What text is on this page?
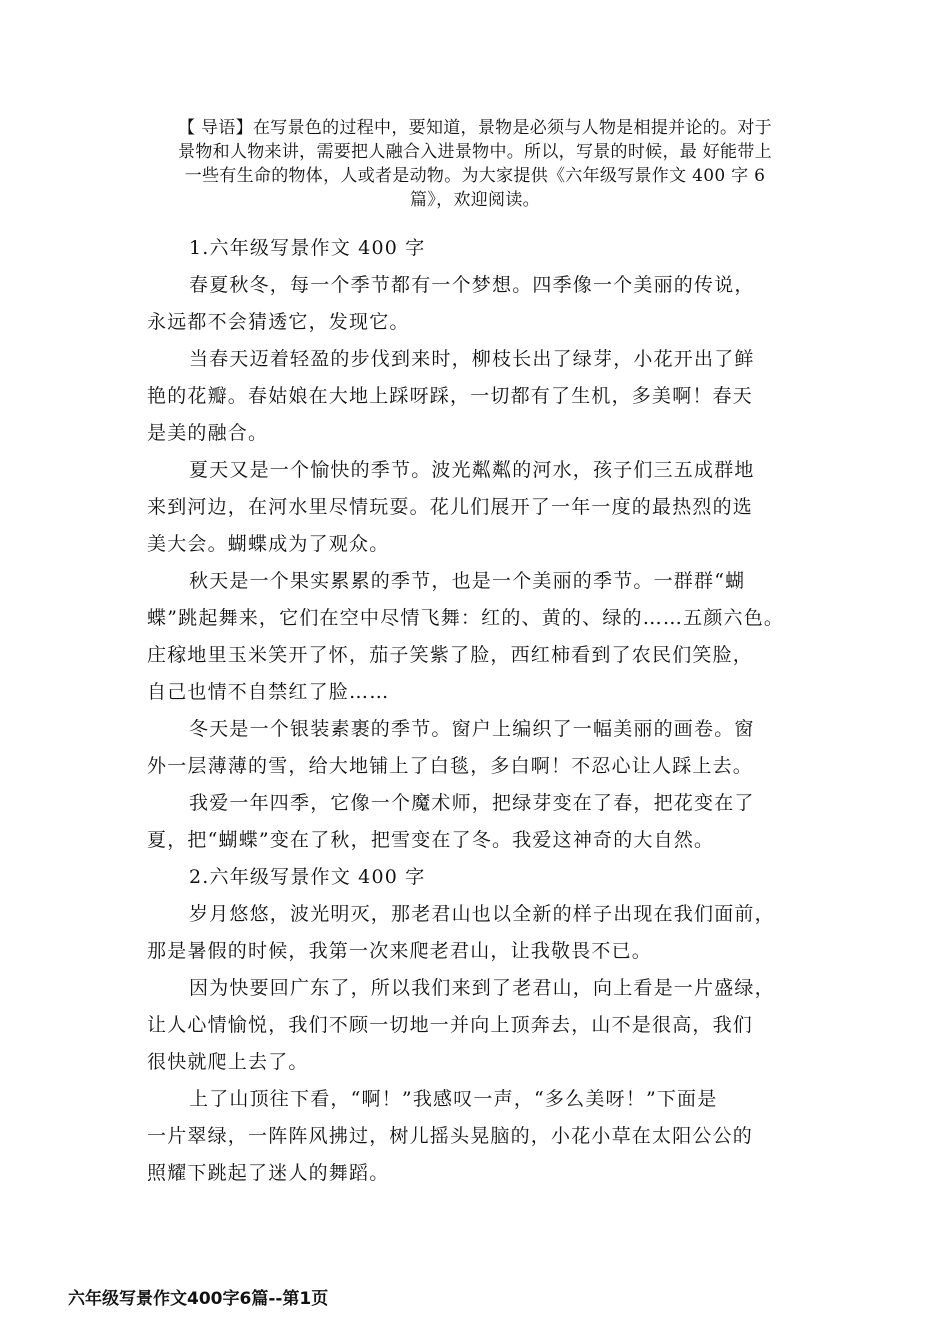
【 导语】在写景色的过程中，要知道，景物是必须与人物是相提并论的。对于
景物和人物来讲，需要把人融合入进景物中。所以，写景的时候，最 好能带上
一些有生命的物体，人或者是动物。为大家提供《六年级写景作文 400 字 6
篇》，欢迎阅读。
1.六年级写景作文 400 字
春夏秋冬，每一个季节都有一个梦想。四季像一个美丽的传说，
永远都不会猜透它，发现它。
当春天迈着轻盈的步伐到来时，柳枝长出了绿芽，小花开出了鲜
艳的花瓣。春姑娘在大地上踩呀踩，一切都有了生机，多美啊！春天
是美的融合。
夏天又是一个愉快的季节。波光粼粼的河水，孩子们三五成群地
来到河边，在河水里尽情玩耍。花儿们展开了一年一度的最热烈的选
美大会。蝴蝶成为了观众。
秋天是一个果实累累的季节，也是一个美丽的季节。一群群“蝴
蝶”跳起舞来，它们在空中尽情飞舞：红的、黄的、绿的……五颜六色。
庄稼地里玉米笑开了怀，茄子笑紫了脸，西红柿看到了农民们笑脸，
自己也情不自禁红了脸……
冬天是一个银装素裹的季节。窗户上编织了一幅美丽的画卷。窗
外一层薄薄的雪，给大地铺上了白毯，多白啊！不忍心让人踩上去。
我爱一年四季，它像一个魔术师，把绿芽变在了春，把花变在了
夏，把“蝴蝶”变在了秋，把雪变在了冬。我爱这神奇的大自然。
2.六年级写景作文 400 字
岁月悠悠，波光明灭，那老君山也以全新的样子出现在我们面前，
那是暑假的时候，我第一次来爬老君山，让我敬畏不已。
因为快要回广东了，所以我们来到了老君山，向上看是一片盛绿，
让人心情愉悦，我们不顾一切地一并向上顶奔去，山不是很高，我们
很快就爬上去了。
上了山顶往下看，“啊！”我感叹一声，“多么美呀！”下面是
一片翠绿，一阵阵风拂过，树儿摇头晃脑的，小花小草在太阳公公的
照耀下跳起了迷人的舞蹈。
六年级写景作文400字6篇--第1页
